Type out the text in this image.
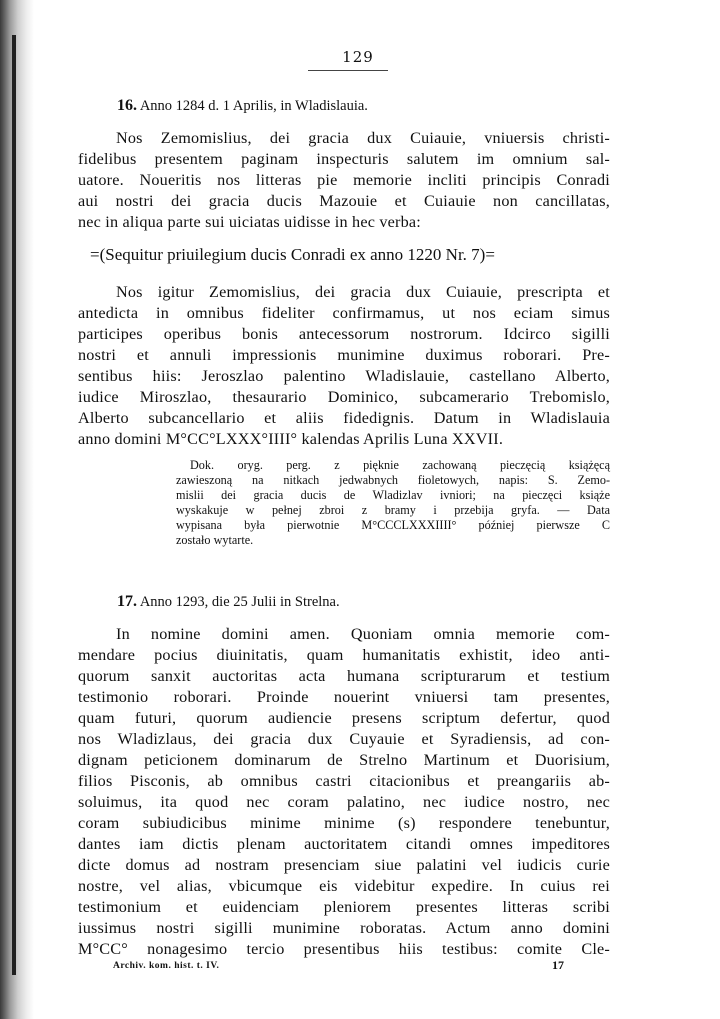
129
16. Anno 1284 d. 1 Aprilis, in Wladislauia.
Nos Zemomislius, dei gracia dux Cuiauie, vniuersis christi-
fidelibus presentem paginam inspecturis salutem im omnium sal-
uatore. Noueritis nos litteras pie memorie incliti principis Conradi
aui nostri dei gracia ducis Mazouie et Cuiauie non cancillatas,
nec in aliqua parte sui uiciatas uidisse in hec verba:
=(Sequitur priuilegium ducis Conradi ex anno 1220 Nr. 7)=
Nos igitur Zemomislius, dei gracia dux Cuiauie, prescripta et
antedicta in omnibus fideliter confirmamus, ut nos eciam simus
participes operibus bonis antecessorum nostrorum. Idcirco sigilli
nostri et annuli impressionis munimine duximus roborari. Pre-
sentibus hiis: Jeroszlao palentino Wladislauie, castellano Alberto,
iudice Miroszlao, thesaurario Dominico, subcamerario Trebomislo,
Alberto subcancellario et aliis fidedignis. Datum in Wladislauia
anno domini M°CC°LXXX°IIII° kalendas Aprilis Luna XXVII.
Dok. oryg. perg. z pięknie zachowaną pieczęcią książęcą
zawieszoną na nitkach jedwabnych fioletowych, napis: S. Zemo-
mislii dei gracia ducis de Wladizlav ivniori; na pieczęci książe
wyskakuje w pełnej zbroi z bramy i przebija gryfa. — Data
wypisana była pierwotnie M°CCCLXXXIIII° później pierwsze C
zostało wytarte.
17. Anno 1293, die 25 Julii in Strelna.
In nomine domini amen. Quoniam omnia memorie com-
mendare pocius diuinitatis, quam humanitatis exhistit, ideo anti-
quorum sanxit auctoritas acta humana scripturarum et testium
testimonio roborari. Proinde nouerint vniuersi tam presentes,
quam futuri, quorum audiencie presens scriptum defertur, quod
nos Wladizlaus, dei gracia dux Cuyauie et Syradiensis, ad con-
dignam peticionem dominarum de Strelno Martinum et Duorisium,
filios Pisconis, ab omnibus castri citacionibus et preangariis ab-
soluimus, ita quod nec coram palatino, nec iudice nostro, nec
coram subiudicibus minime minime (s) respondere tenebuntur,
dantes iam dictis plenam auctoritatem citandi omnes impeditores
dicte domus ad nostram presenciam siue palatini vel iudicis curie
nostre, vel alias, vbicumque eis videbitur expedire. In cuius rei
testimonium et euidenciam pleniorem presentes litteras scribi
iussimus nostri sigilli munimine roboratas. Actum anno domini
M°CC° nonagesimo tercio presentibus hiis testibus: comite Cle-
Archiv. kom. hist. t. IV.	17
